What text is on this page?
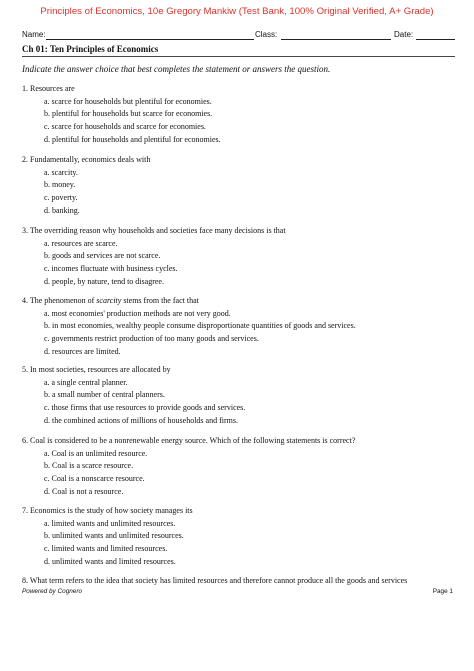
Principles of Economics, 10e Gregory Mankiw (Test Bank, 100% Original Verified, A+ Grade)
Name:	Class:	Date:
Ch 01: Ten Principles of Economics
Indicate the answer choice that best completes the statement or answers the question.
1. Resources are
a. scarce for households but plentiful for economies.
b. plentiful for households but scarce for economies.
c. scarce for households and scarce for economies.
d. plentiful for households and plentiful for economies.
2. Fundamentally, economics deals with
a. scarcity.
b. money.
c. poverty.
d. banking.
3. The overriding reason why households and societies face many decisions is that
a. resources are scarce.
b. goods and services are not scarce.
c. incomes fluctuate with business cycles.
d. people, by nature, tend to disagree.
4. The phenomenon of scarcity stems from the fact that
a. most economies' production methods are not very good.
b. in most economies, wealthy people consume disproportionate quantities of goods and services.
c. governments restrict production of too many goods and services.
d. resources are limited.
5. In most societies, resources are allocated by
a. a single central planner.
b. a small number of central planners.
c. those firms that use resources to provide goods and services.
d. the combined actions of millions of households and firms.
6. Coal is considered to be a nonrenewable energy source. Which of the following statements is correct?
a. Coal is an unlimited resource.
b. Coal is a scarce resource.
c. Coal is a nonscarce resource.
d. Coal is not a resource.
7. Economics is the study of how society manages its
a. limited wants and unlimited resources.
b. unlimited wants and unlimited resources.
c. limited wants and limited resources.
d. unlimited wants and limited resources.
8. What term refers to the idea that society has limited resources and therefore cannot produce all the goods and services
Powered by Cognero	Page 1
